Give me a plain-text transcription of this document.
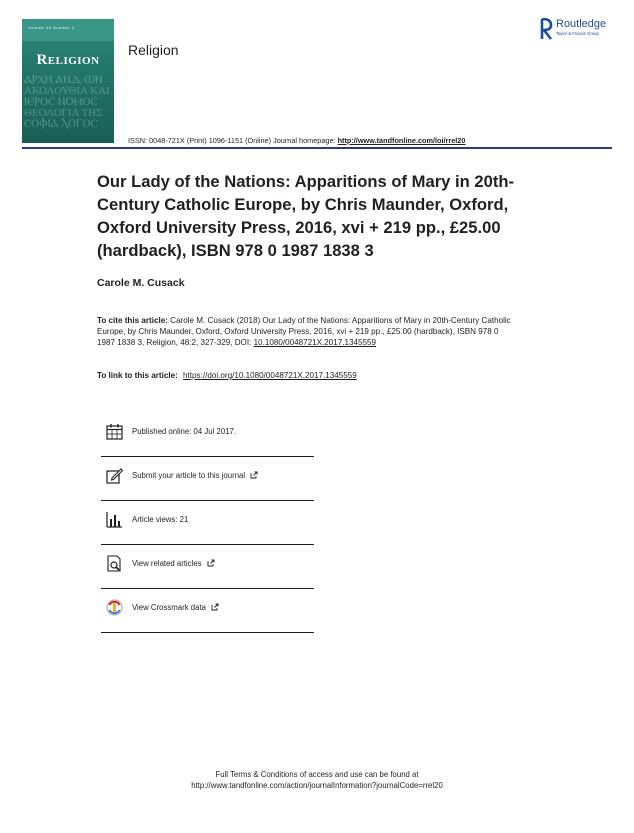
Volume 48 Number 2
Religion
ⲀⲢⲬⲎ ⲀⲚⲆ ⲰⲚ
ΑΚΟΛΟΥΘΙΑ ΚΑΙ
ⲒⲈⲢⲞⲤ ⲚⲞⲘⲞⲤ
ΘΕΟΛΟΓΙΑ ΤΗΣ
ⲤⲞⲪⲒⲀ ⲖⲞⲄⲞⲤ
Religion
ISSN: 0048-721X (Print) 1096-1151 (Online) Journal homepage: http://www.tandfonline.com/loi/rrel20
Routledge
Taylor & Francis Group
Our Lady of the Nations: Apparitions of Mary in 20th-Century Catholic Europe, by Chris Maunder, Oxford, Oxford University Press, 2016, xvi + 219 pp., £25.00 (hardback), ISBN 978 0 1987 1838 3
Carole M. Cusack
To cite this article: Carole M. Cusack (2018) Our Lady of the Nations: Apparitions of Mary in 20th-Century Catholic Europe, by Chris Maunder, Oxford, Oxford University Press, 2016, xvi + 219 pp., £25.00 (hardback), ISBN 978 0 1987 1838 3, Religion, 48:2, 327-329, DOI: 10.1080/0048721X.2017.1345559
To link to this article: https://doi.org/10.1080/0048721X.2017.1345559
Published online: 04 Jul 2017.
Submit your article to this journal
Article views: 21
View related articles
View Crossmark data
Full Terms & Conditions of access and use can be found at
http://www.tandfonline.com/action/journalInformation?journalCode=rrel20
